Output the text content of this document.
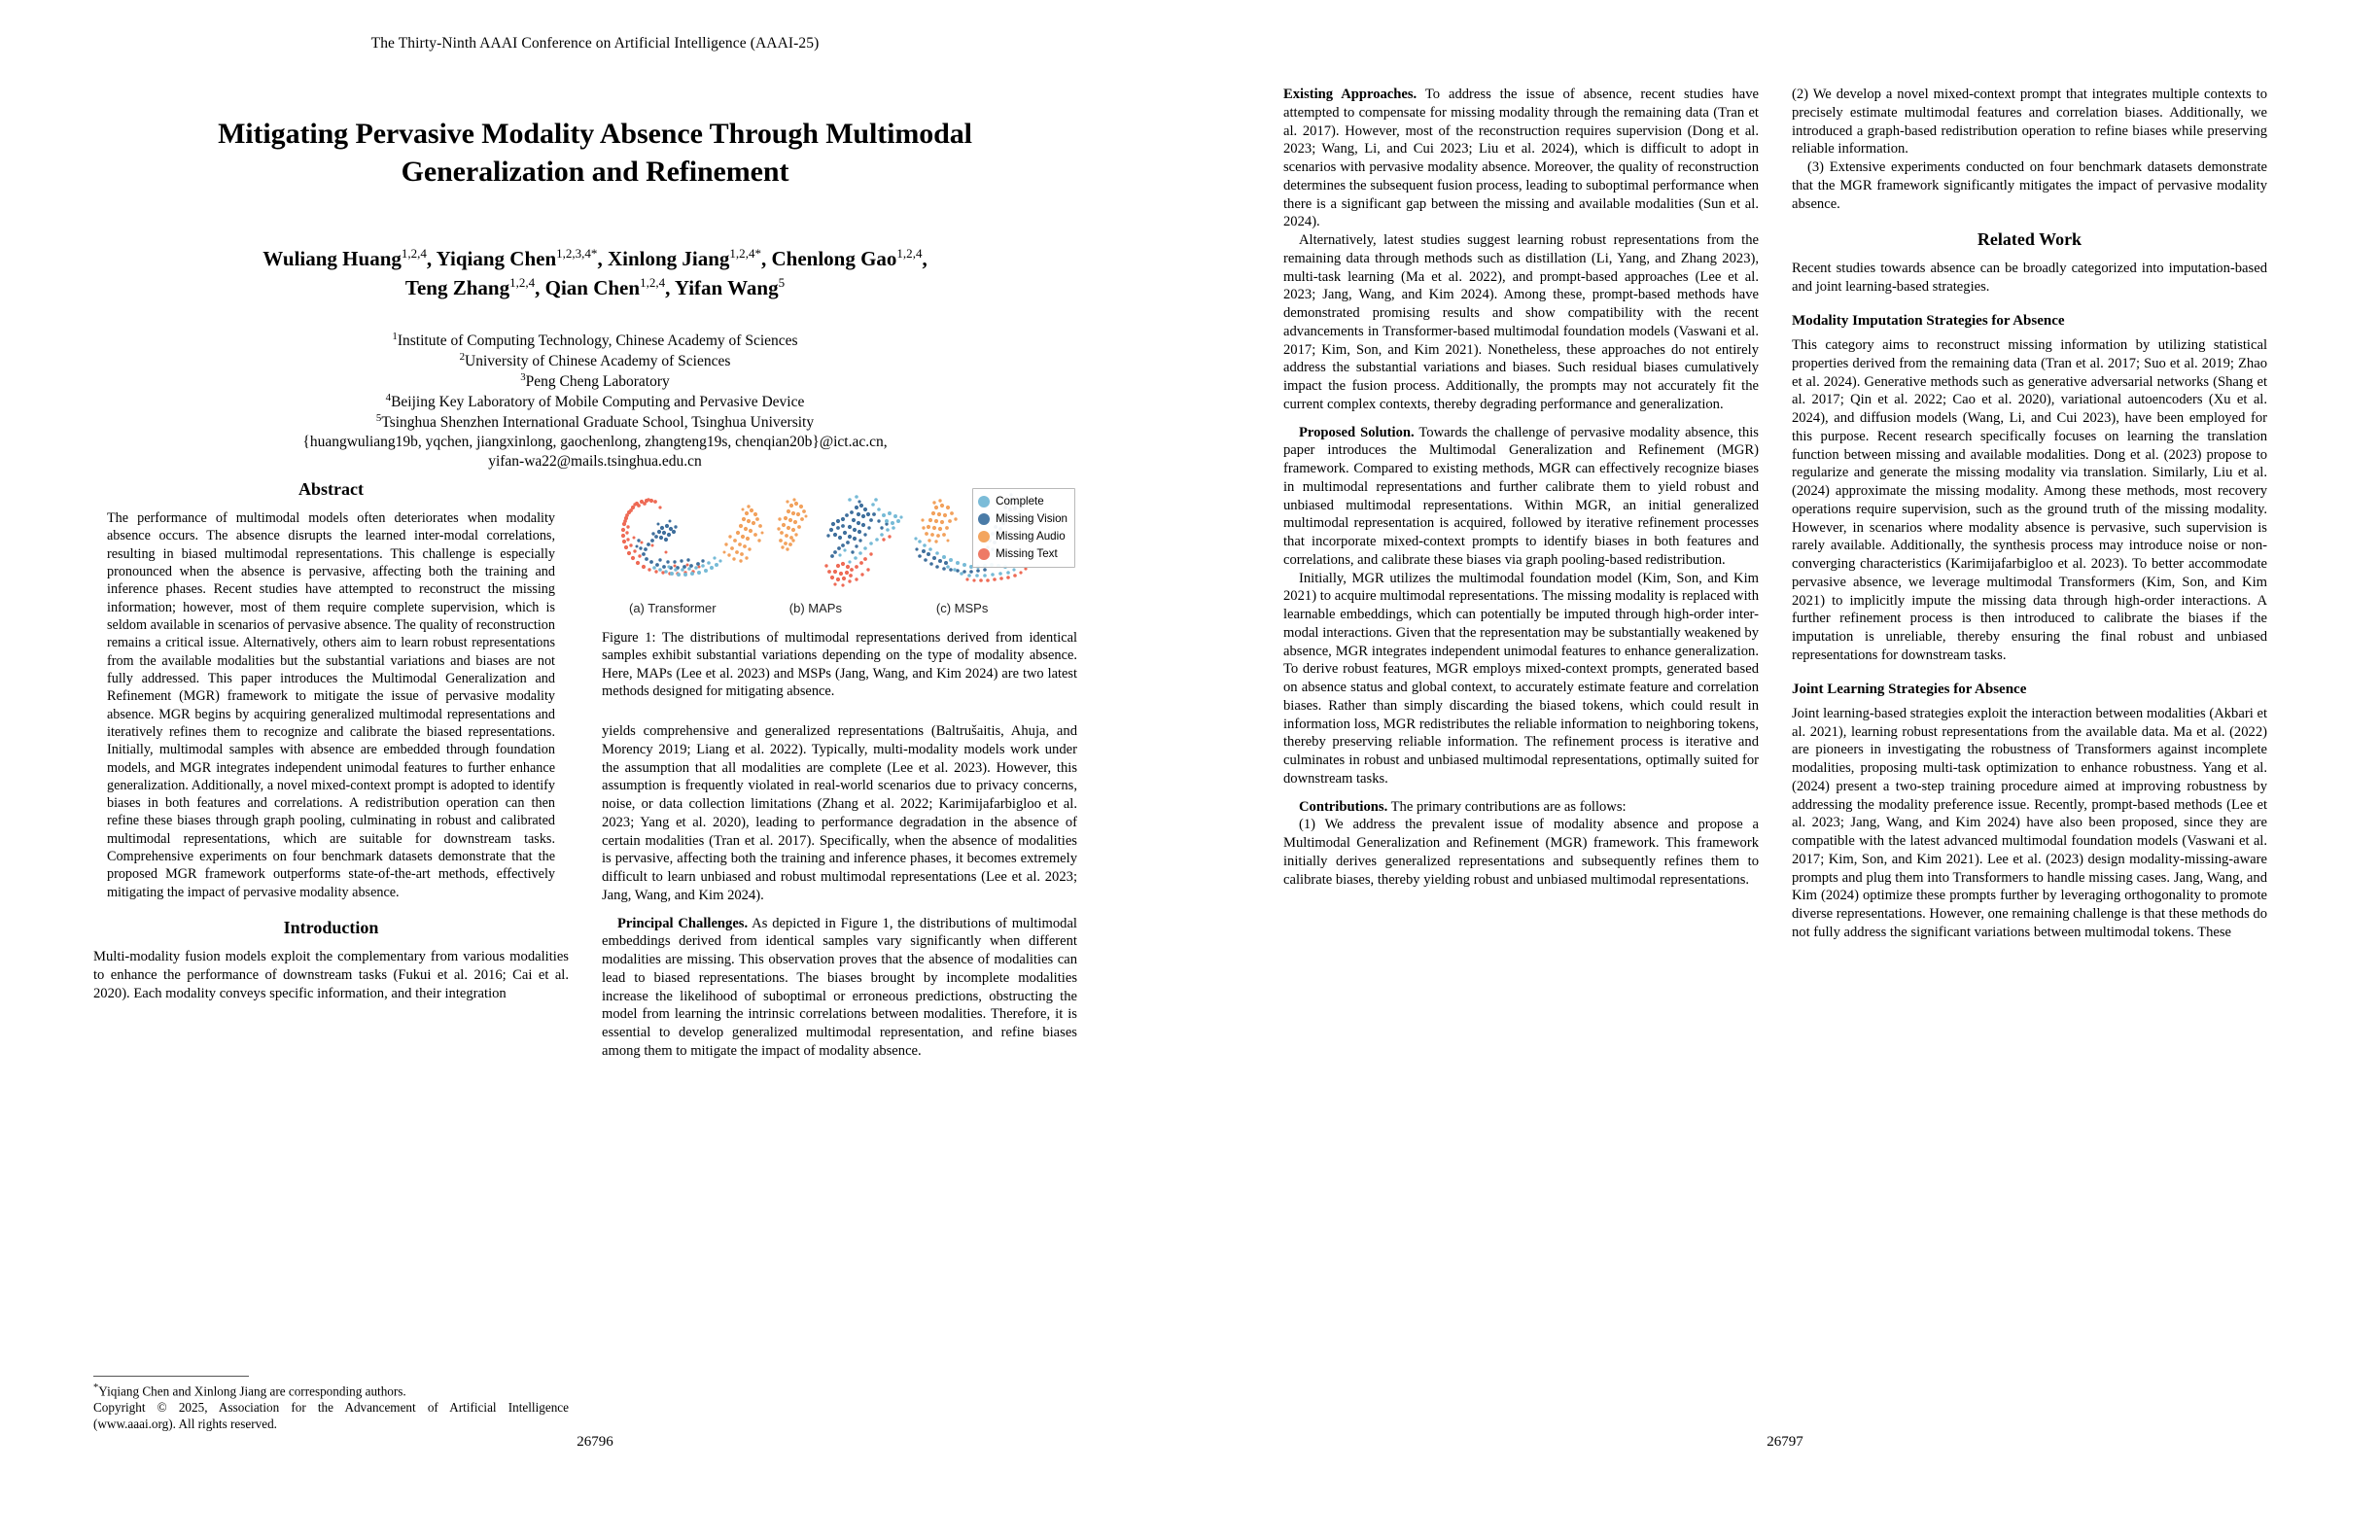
The Thirty-Ninth AAAI Conference on Artificial Intelligence (AAAI-25)
Mitigating Pervasive Modality Absence Through Multimodal
Generalization and Refinement
Wuliang Huang$^{1,2,4}$, Yiqiang Chen$^{1,2,3,4*}$, Xinlong Jiang$^{1,2,4*}$, Chenlong Gao$^{1,2,4}$,
Teng Zhang$^{1,2,4}$, Qian Chen$^{1,2,4}$, Yifan Wang$^5$
$^1$Institute of Computing Technology, Chinese Academy of Sciences
$^2$University of Chinese Academy of Sciences
$^3$Peng Cheng Laboratory
$^4$Beijing Key Laboratory of Mobile Computing and Pervasive Device
$^5$Tsinghua Shenzhen International Graduate School, Tsinghua University
{huangwuliang19b, yqchen, jiangxinlong, gaochenlong, zhangteng19s, chenqian20b}@ict.ac.cn,
yifan-wa22@mails.tsinghua.edu.cn
Abstract
The performance of multimodal models often deteriorates when modality absence occurs. The absence disrupts the learned inter-modal correlations, resulting in biased multimodal representations. This challenge is especially pronounced when the absence is pervasive, affecting both the training and inference phases. Recent studies have attempted to reconstruct the missing information; however, most of them require complete supervision, which is seldom available in scenarios of pervasive absence. The quality of reconstruction remains a critical issue. Alternatively, others aim to learn robust representations from the available modalities but the substantial variations and biases are not fully addressed. This paper introduces the Multimodal Generalization and Refinement (MGR) framework to mitigate the issue of pervasive modality absence. MGR begins by acquiring generalized multimodal representations and iteratively refines them to recognize and calibrate the biased representations. Initially, multimodal samples with absence are embedded through foundation models, and MGR integrates independent unimodal features to further enhance generalization. Additionally, a novel mixed-context prompt is adopted to identify biases in both features and correlations. A redistribution operation can then refine these biases through graph pooling, culminating in robust and calibrated multimodal representations, which are suitable for downstream tasks. Comprehensive experiments on four benchmark datasets demonstrate that the proposed MGR framework outperforms state-of-the-art methods, effectively mitigating the impact of pervasive modality absence.
Introduction

Multi-modality fusion models exploit the complementary from various modalities to enhance the performance of downstream tasks (Fukui et al. 2016; Cai et al. 2020). Each modality conveys specific information, and their integration

*Yiqiang Chen and Xinlong Jiang are corresponding authors.

Copyright © 2025, Association for the Advancement of Artificial Intelligence (www.aaai.org). All rights reserved.

Complete
Missing Vision
Missing Audio
Missing Text
(a) Transformer	(b) MAPs	(c) MSPs
Figure 1: The distributions of multimodal representations derived from identical samples exhibit substantial variations depending on the type of modality absence. Here, MAPs (Lee et al. 2023) and MSPs (Jang, Wang, and Kim 2024) are two latest methods designed for mitigating absence.

yields comprehensive and generalized representations (Baltrušaitis, Ahuja, and Morency 2019; Liang et al. 2022). Typically, multi-modality models work under the assumption that all modalities are complete (Lee et al. 2023). However, this assumption is frequently violated in real-world scenarios due to privacy concerns, noise, or data collection limitations (Zhang et al. 2022; Karimijafarbigloo et al. 2023; Yang et al. 2020), leading to performance degradation in the absence of certain modalities (Tran et al. 2017). Specifically, when the absence of modalities is pervasive, affecting both the training and inference phases, it becomes extremely difficult to learn unbiased and robust multimodal representations (Lee et al. 2023; Jang, Wang, and Kim 2024).

Principal Challenges. As depicted in Figure 1, the distributions of multimodal embeddings derived from identical samples vary significantly when different modalities are missing. This observation proves that the absence of modalities can lead to biased representations. The biases brought by incomplete modalities increase the likelihood of suboptimal or erroneous predictions, obstructing the model from learning the intrinsic correlations between modalities. Therefore, it is essential to develop generalized multimodal representation, and refine biases among them to mitigate the impact of modality absence.

26796

Existing Approaches. To address the issue of absence, recent studies have attempted to compensate for missing modality through the remaining data (Tran et al. 2017). However, most of the reconstruction requires supervision (Dong et al. 2023; Wang, Li, and Cui 2023; Liu et al. 2024), which is difficult to adopt in scenarios with pervasive modality absence. Moreover, the quality of reconstruction determines the subsequent fusion process, leading to suboptimal performance when there is a significant gap between the missing and available modalities (Sun et al. 2024).

Alternatively, latest studies suggest learning robust representations from the remaining data through methods such as distillation (Li, Yang, and Zhang 2023), multi-task learning (Ma et al. 2022), and prompt-based approaches (Lee et al. 2023; Jang, Wang, and Kim 2024). Among these, prompt-based methods have demonstrated promising results and show compatibility with the recent advancements in Transformer-based multimodal foundation models (Vaswani et al. 2017; Kim, Son, and Kim 2021). Nonetheless, these approaches do not entirely address the substantial variations and biases. Such residual biases cumulatively impact the fusion process. Additionally, the prompts may not accurately fit the current complex contexts, thereby degrading performance and generalization.

Proposed Solution. Towards the challenge of pervasive modality absence, this paper introduces the Multimodal Generalization and Refinement (MGR) framework. Compared to existing methods, MGR can effectively recognize biases in multimodal representations and further calibrate them to yield robust and unbiased multimodal representations. Within MGR, an initial generalized multimodal representation is acquired, followed by iterative refinement processes that incorporate mixed-context prompts to identify biases in both features and correlations, and calibrate these biases via graph pooling-based redistribution.

Initially, MGR utilizes the multimodal foundation model (Kim, Son, and Kim 2021) to acquire multimodal representations. The missing modality is replaced with learnable embeddings, which can potentially be imputed through high-order inter-modal interactions. Given that the representation may be substantially weakened by absence, MGR integrates independent unimodal features to enhance generalization. To derive robust features, MGR employs mixed-context prompts, generated based on absence status and global context, to accurately estimate feature and correlation biases. Rather than simply discarding the biased tokens, which could result in information loss, MGR redistributes the reliable information to neighboring tokens, thereby preserving reliable information. The refinement process is iterative and culminates in robust and unbiased multimodal representations, optimally suited for downstream tasks.

Contributions. The primary contributions are as follows:

(1) We address the prevalent issue of modality absence and propose a Multimodal Generalization and Refinement (MGR) framework. This framework initially derives generalized representations and subsequently refines them to calibrate biases, thereby yielding robust and unbiased multimodal representations.

(2) We develop a novel mixed-context prompt that integrates multiple contexts to precisely estimate multimodal features and correlation biases. Additionally, we introduced a graph-based redistribution operation to refine biases while preserving reliable information.

(3) Extensive experiments conducted on four benchmark datasets demonstrate that the MGR framework significantly mitigates the impact of pervasive modality absence.

Related Work

Recent studies towards absence can be broadly categorized into imputation-based and joint learning-based strategies.

Modality Imputation Strategies for Absence

This category aims to reconstruct missing information by utilizing statistical properties derived from the remaining data (Tran et al. 2017; Suo et al. 2019; Zhao et al. 2024). Generative methods such as generative adversarial networks (Shang et al. 2017; Qin et al. 2022; Cao et al. 2020), variational autoencoders (Xu et al. 2024), and diffusion models (Wang, Li, and Cui 2023), have been employed for this purpose. Recent research specifically focuses on learning the translation function between missing and available modalities. Dong et al. (2023) propose to regularize and generate the missing modality via translation. Similarly, Liu et al. (2024) approximate the missing modality. Among these methods, most recovery operations require supervision, such as the ground truth of the missing modality. However, in scenarios where modality absence is pervasive, such supervision is rarely available. Additionally, the synthesis process may introduce noise or non-converging characteristics (Karimijafarbigloo et al. 2023). To better accommodate pervasive absence, we leverage multimodal Transformers (Kim, Son, and Kim 2021) to implicitly impute the missing data through high-order interactions. A further refinement process is then introduced to calibrate the biases if the imputation is unreliable, thereby ensuring the final robust and unbiased representations for downstream tasks.

Joint Learning Strategies for Absence

Joint learning-based strategies exploit the interaction between modalities (Akbari et al. 2021), learning robust representations from the available data. Ma et al. (2022) are pioneers in investigating the robustness of Transformers against incomplete modalities, proposing multi-task optimization to enhance robustness. Yang et al. (2024) present a two-step training procedure aimed at improving robustness by addressing the modality preference issue. Recently, prompt-based methods (Lee et al. 2023; Jang, Wang, and Kim 2024) have also been proposed, since they are compatible with the latest advanced multimodal foundation models (Vaswani et al. 2017; Kim, Son, and Kim 2021). Lee et al. (2023) design modality-missing-aware prompts and plug them into Transformers to handle missing cases. Jang, Wang, and Kim (2024) optimize these prompts further by leveraging orthogonality to promote diverse representations. However, one remaining challenge is that these methods do not fully address the significant variations between multimodal tokens. These

26797
